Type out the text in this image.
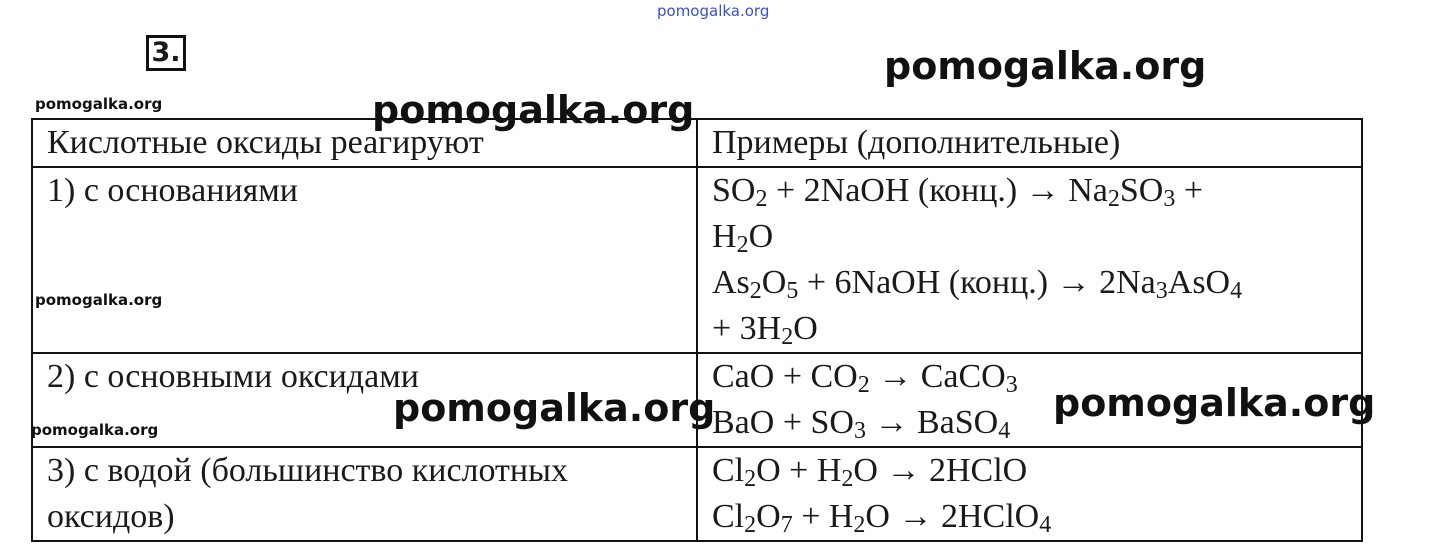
pomogalka.org
3.	pomogalka.org
pomogalka.org
Кислотные оксиды реагируют	Примеры (дополнительные)

1) с основаниями	$SO_2$ + 2NaOH (конц.) → $Na_2SO_3$ +
$H_2O$
$As_2O_5$ + 6NaOH (конц.) → $2Na_3AsO_4$
+ $3H_2O$

2) с основными оксидами	CaO + $CO_2$ → CaCO$_3$
BaO + $SO_3$ → BaSO$_4$

3) с водой (большинство кислотных
оксидов)	$Cl_2O + H_2O$ → 2HClO
$Cl_2O_7 + H_2O$ → 2HClO$_4$
pomogalka.org
pomogalka.org
pomogalka.org	pomogalka.org
pomogalka.org
